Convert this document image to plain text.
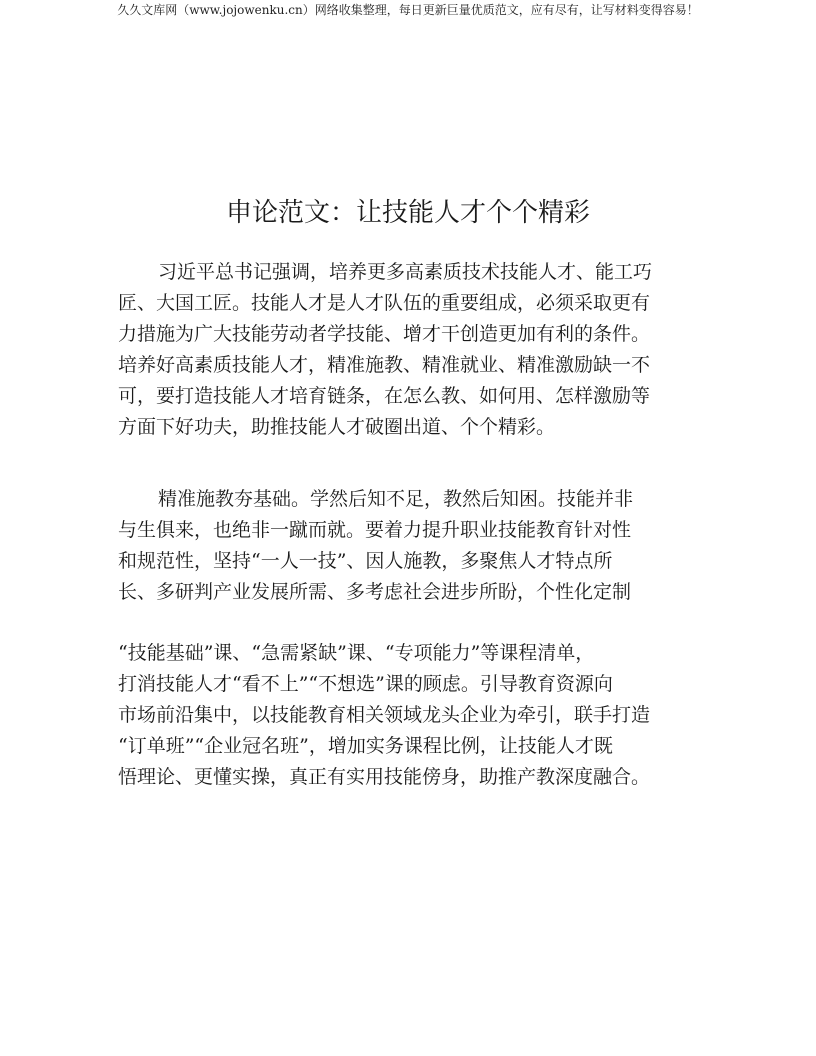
久久文库网（www.jojowenku.cn）网络收集整理，每日更新巨量优质范文，应有尽有，让写材料变得容易！
申论范文：让技能人才个个精彩
习近平总书记强调，培养更多高素质技术技能人才、能工巧
匠、大国工匠。技能人才是人才队伍的重要组成，必须采取更有
力措施为广大技能劳动者学技能、增才干创造更加有利的条件。
培养好高素质技能人才，精准施教、精准就业、精准激励缺一不
可，要打造技能人才培育链条，在怎么教、如何用、怎样激励等
方面下好功夫，助推技能人才破圈出道、个个精彩。
精准施教夯基础。学然后知不足，教然后知困。技能并非
与生俱来，也绝非一蹴而就。要着力提升职业技能教育针对性
和规范性，坚持“一人一技”、因人施教，多聚焦人才特点所
长、多研判产业发展所需、多考虑社会进步所盼，个性化定制
“技能基础”课、“急需紧缺”课、“专项能力”等课程清单，
打消技能人才“看不上”“不想选”课的顾虑。引导教育资源向
市场前沿集中，以技能教育相关领域龙头企业为牵引，联手打造
“订单班”“企业冠名班”，增加实务课程比例，让技能人才既
悟理论、更懂实操，真正有实用技能傍身，助推产教深度融合。
